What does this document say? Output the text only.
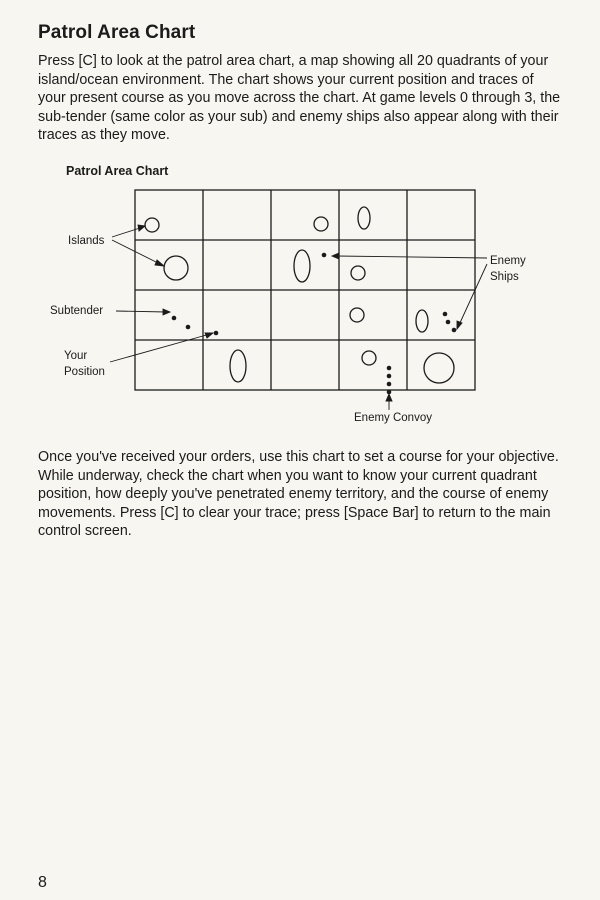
Patrol Area Chart
Press [C] to look at the patrol area chart, a map showing all 20 quadrants of your island/ocean environment. The chart shows your current position and traces of your present course as you move across the chart. At game levels 0 through 3, the sub-tender (same color as your sub) and enemy ships also appear along with their traces as they move.
Patrol Area Chart
Islands
Subtender
Your
Position
Enemy
Ships
Enemy Convoy
Once you've received your orders, use this chart to set a course for your objective. While underway, check the chart when you want to know your current quadrant position, how deeply you've penetrated enemy territory, and the course of enemy movements. Press [C] to clear your trace; press [Space Bar] to return to the main control screen.
8
